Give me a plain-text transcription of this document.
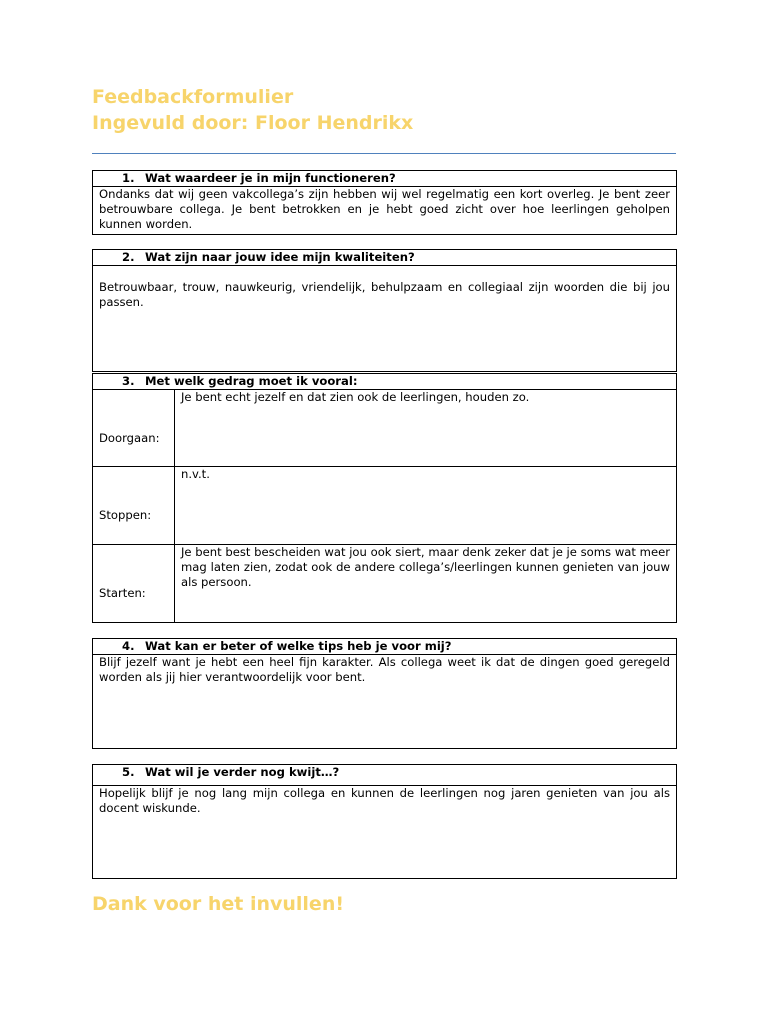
Feedbackformulier
Ingevuld door: Floor Hendrikx
1. Wat waardeer je in mijn functioneren?
Ondanks dat wij geen vakcollega’s zijn hebben wij wel regelmatig een kort overleg. Je bent zeer betrouwbare collega. Je bent betrokken en je hebt goed zicht over hoe leerlingen geholpen kunnen worden.
2. Wat zijn naar jouw idee mijn kwaliteiten?
Betrouwbaar, trouw, nauwkeurig, vriendelijk, behulpzaam en collegiaal zijn woorden die bij jou passen.
3. Met welk gedrag moet ik vooral:	

Doorgaan:	Je bent echt jezelf en dat zien ook de leerlingen, houden zo.

Stoppen:	n.v.t.

Starten:	Je bent best bescheiden wat jou ook siert, maar denk zeker dat je je soms wat meer mag laten zien, zodat ook de andere collega’s/leerlingen kunnen genieten van jouw als persoon.
4. Wat kan er beter of welke tips heb je voor mij?
Blijf jezelf want je hebt een heel fijn karakter. Als collega weet ik dat de dingen goed geregeld worden als jij hier verantwoordelijk voor bent.
5. Wat wil je verder nog kwijt…?
Hopelijk blijf je nog lang mijn collega en kunnen de leerlingen nog jaren genieten van jou als docent wiskunde.
Dank voor het invullen!
